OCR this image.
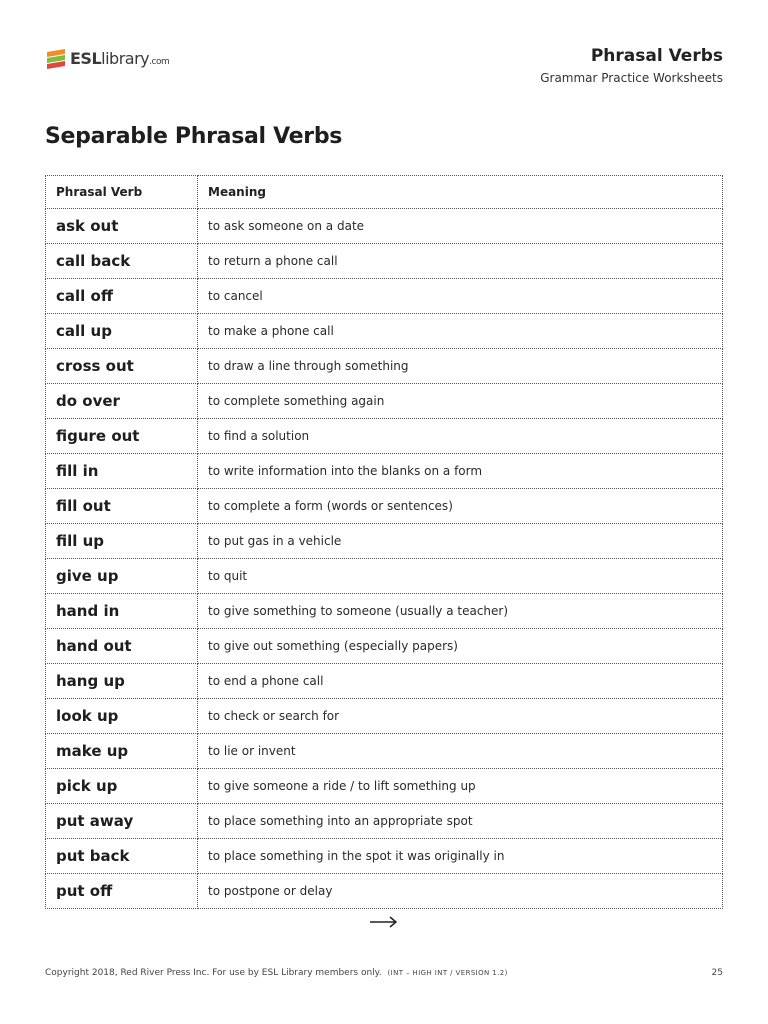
ESLlibrary.com	Phrasal Verbs
Grammar Practice Worksheets
Separable Phrasal Verbs
Phrasal Verb	Meaning
ask out	to ask someone on a date
call back	to return a phone call
call off	to cancel
call up	to make a phone call
cross out	to draw a line through something
do over	to complete something again
figure out	to find a solution
fill in	to write information into the blanks on a form
fill out	to complete a form (words or sentences)
fill up	to put gas in a vehicle
give up	to quit
hand in	to give something to someone (usually a teacher)
hand out	to give out something (especially papers)
hang up	to end a phone call
look up	to check or search for
make up	to lie or invent
pick up	to give someone a ride / to lift something up
put away	to place something into an appropriate spot
put back	to place something in the spot it was originally in
put off	to postpone or delay
Copyright 2018, Red River Press Inc. For use by ESL Library members only. (INT – HIGH INT / VERSION 1.2)	25
